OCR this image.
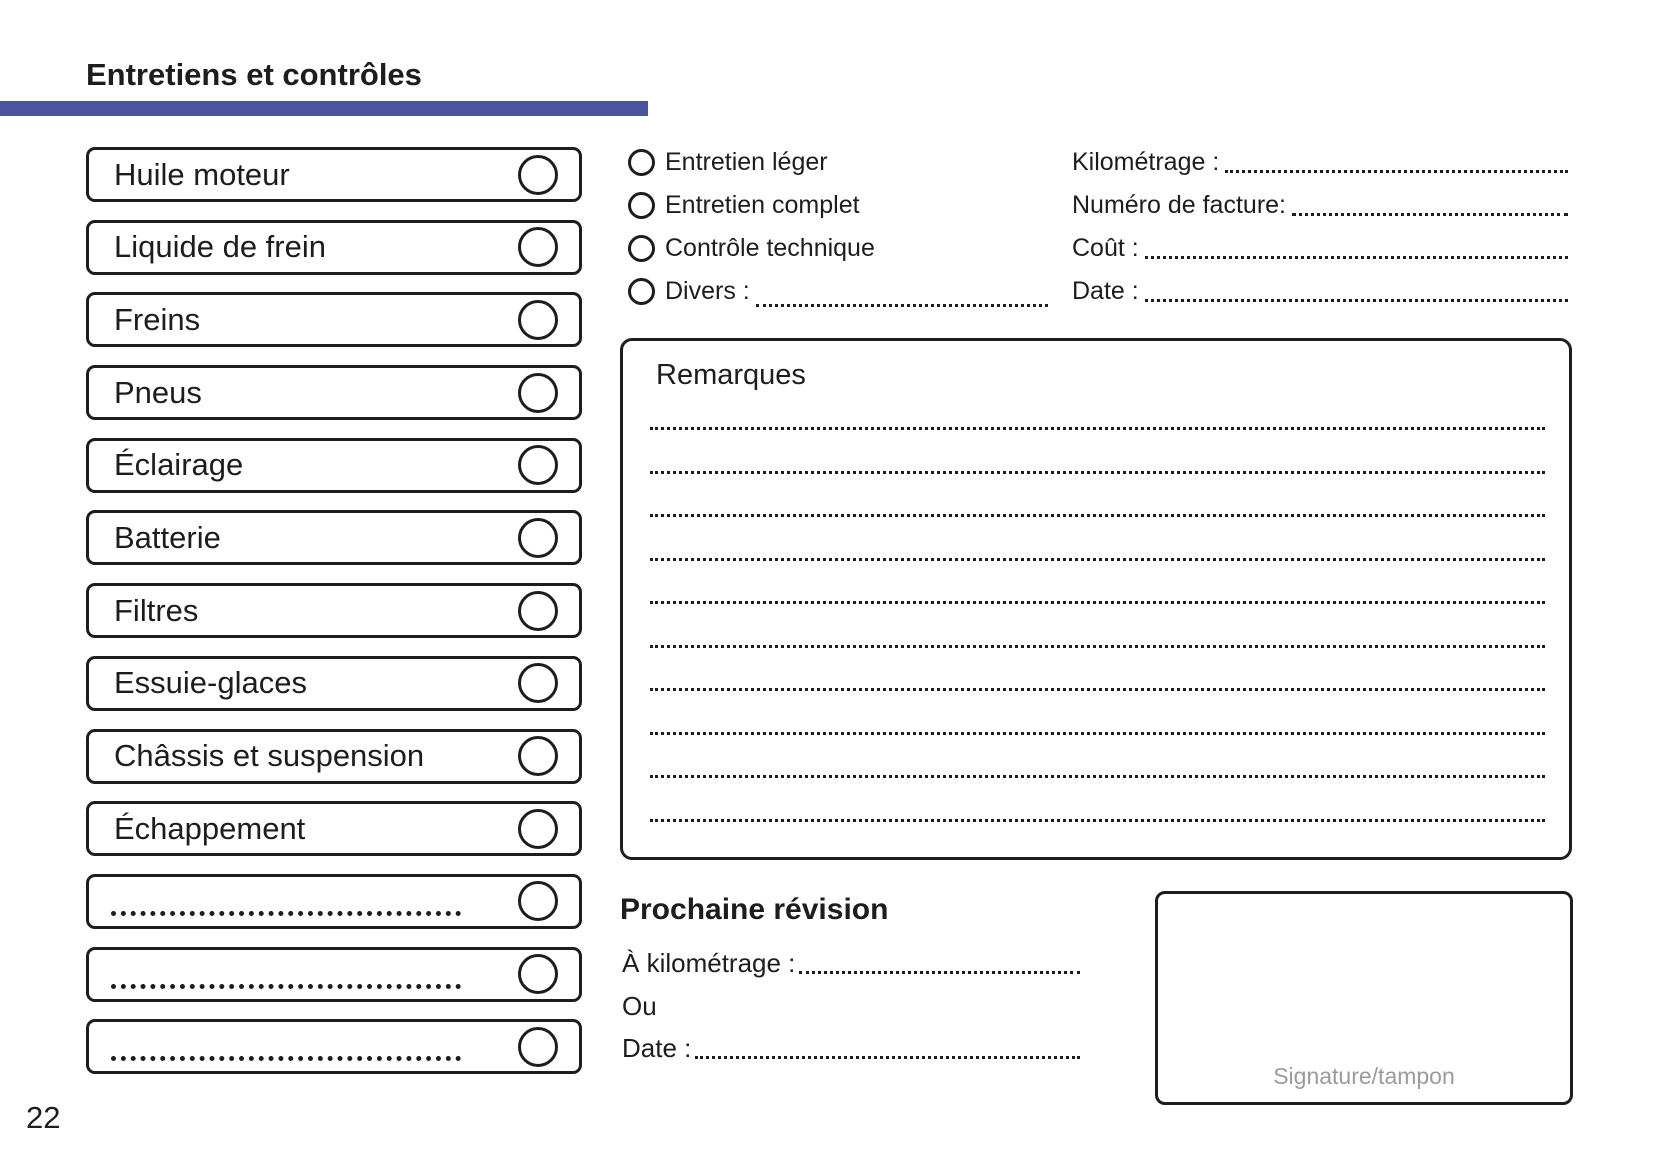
Entretiens et contrôles
Huile moteur
Liquide de frein
Freins
Pneus
Éclairage
Batterie
Filtres
Essuie-glaces
Châssis et suspension
Échappement
Entretien léger
Entretien complet
Contrôle technique
Divers :
Kilométrage :
Numéro de facture:
Coût :
Date :
Remarques
Prochaine révision
À kilométrage :
Ou
Date :
Signature/tampon
22
